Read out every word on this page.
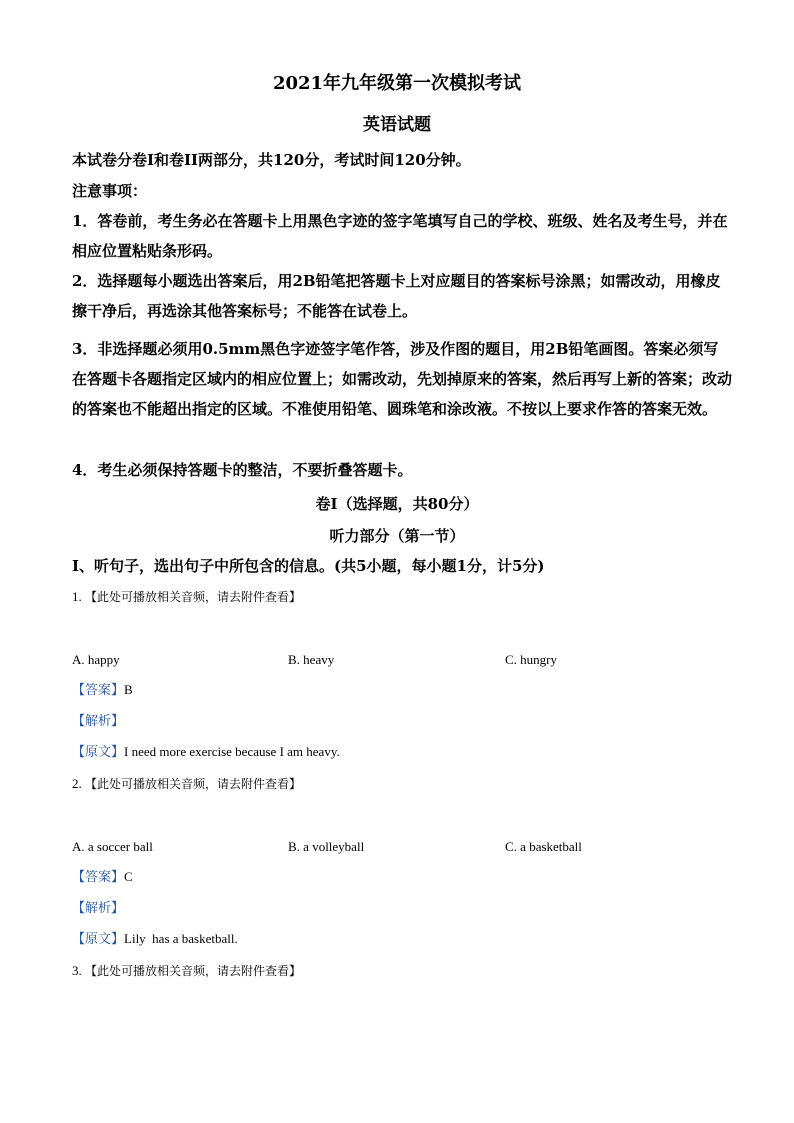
2021年九年级第一次模拟考试
英语试题
本试卷分卷I和卷II两部分，共120分，考试时间120分钟。
注意事项：
1．答卷前，考生务必在答题卡上用黑色字迹的签字笔填写自己的学校、班级、姓名及考生号，并在相应位置粘贴条形码。
2．选择题每小题选出答案后，用2B铅笔把答题卡上对应题目的答案标号涂黑；如需改动，用橡皮擦干净后，再选涂其他答案标号；不能答在试卷上。
3．非选择题必须用0.5mm黑色字迹签字笔作答，涉及作图的题目，用2B铅笔画图。答案必须写在答题卡各题指定区域内的相应位置上；如需改动，先划掉原来的答案，然后再写上新的答案；改动的答案也不能超出指定的区域。不准使用铅笔、圆珠笔和涂改液。不按以上要求作答的答案无效。
4．考生必须保持答题卡的整洁，不要折叠答题卡。
卷I（选择题，共80分）
听力部分（第一节）
I、听句子，选出句子中所包含的信息。(共5小题，每小题1分，计5分)
1. 【此处可播放相关音频，请去附件查看】
A. happy	B. heavy	C. hungry
【答案】B
【解析】
【原文】I need more exercise because I am heavy.
2. 【此处可播放相关音频，请去附件查看】
A. a soccer ball	B. a volleyball	C. a basketball
【答案】C
【解析】
【原文】Lily  has a basketball.
3. 【此处可播放相关音频，请去附件查看】
